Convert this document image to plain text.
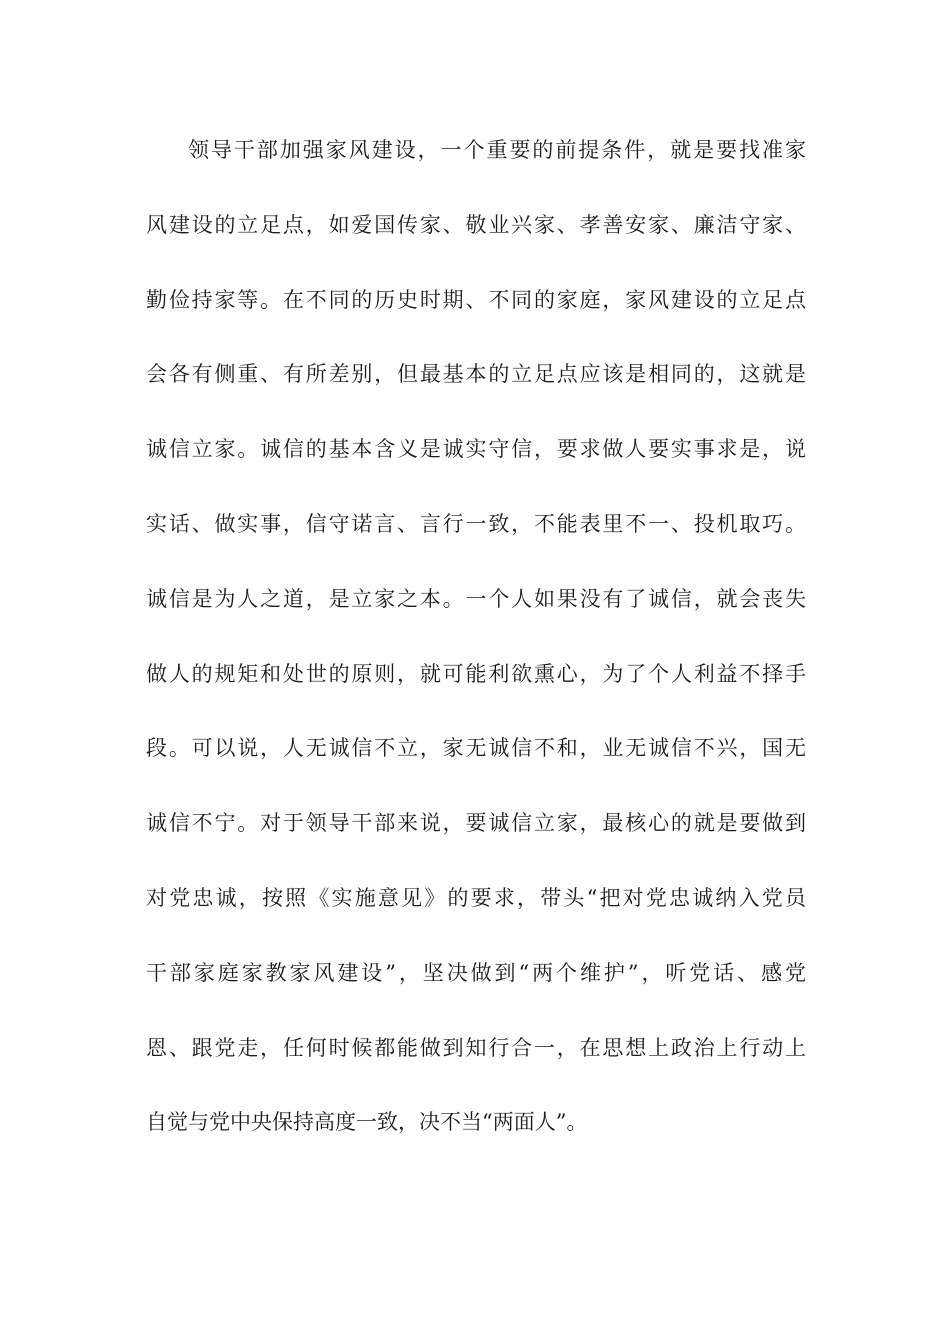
领导干部加强家风建设，一个重要的前提条件，就是要找准家
风建设的立足点，如爱国传家、敬业兴家、孝善安家、廉洁守家、
勤俭持家等。在不同的历史时期、不同的家庭，家风建设的立足点
会各有侧重、有所差别，但最基本的立足点应该是相同的，这就是
诚信立家。诚信的基本含义是诚实守信，要求做人要实事求是，说
实话、做实事，信守诺言、言行一致，不能表里不一、投机取巧。
诚信是为人之道，是立家之本。一个人如果没有了诚信，就会丧失
做人的规矩和处世的原则，就可能利欲熏心，为了个人利益不择手
段。可以说，人无诚信不立，家无诚信不和，业无诚信不兴，国无
诚信不宁。对于领导干部来说，要诚信立家，最核心的就是要做到
对党忠诚，按照《实施意见》的要求，带头“把对党忠诚纳入党员
干部家庭家教家风建设”，坚决做到“两个维护”，听党话、感党
恩、跟党走，任何时候都能做到知行合一，在思想上政治上行动上
自觉与党中央保持高度一致，决不当“两面人”。
